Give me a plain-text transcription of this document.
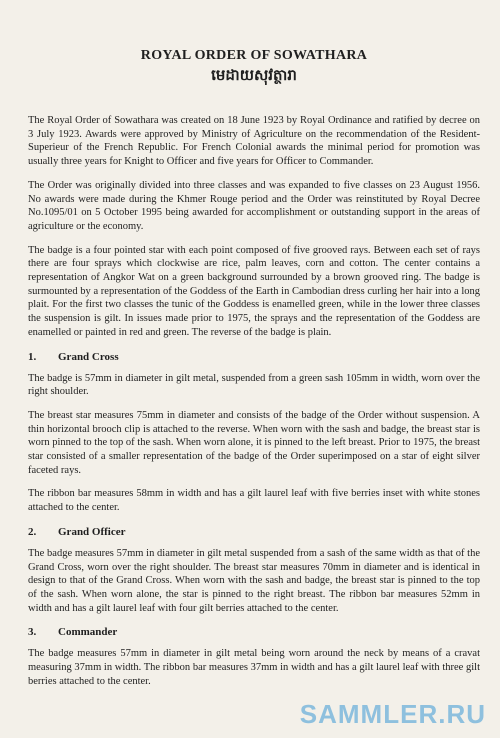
ROYAL ORDER OF SOWATHARA
មេដាយសុវត្ថារា

The Royal Order of Sowathara was created on 18 June 1923 by Royal Ordinance and ratified by decree on 3 July 1923. Awards were approved by Ministry of Agriculture on the recommendation of the Resident-Superieur of the French Republic. For French Colonial awards the minimal period for promotion was usually three years for Knight to Officer and five years for Officer to Commander.

The Order was originally divided into three classes and was expanded to five classes on 23 August 1956. No awards were made during the Khmer Rouge period and the Order was reinstituted by Royal Decree No.1095/01 on 5 October 1995 being awarded for accomplishment or outstanding support in the areas of agriculture or the economy.

The badge is a four pointed star with each point composed of five grooved rays. Between each set of rays there are four sprays which clockwise are rice, palm leaves, corn and cotton. The center contains a representation of Angkor Wat on a green background surrounded by a brown grooved ring. The badge is surmounted by a representation of the Goddess of the Earth in Cambodian dress curling her hair into a long plait. For the first two classes the tunic of the Goddess is enamelled green, while in the lower three classes the suspension is gilt. In issues made prior to 1975, the sprays and the representation of the Goddess are enamelled or painted in red and green. The reverse of the badge is plain.

1.	Grand Cross

The badge is 57mm in diameter in gilt metal, suspended from a green sash 105mm in width, worn over the right shoulder.

The breast star measures 75mm in diameter and consists of the badge of the Order without suspension. A thin horizontal brooch clip is attached to the reverse. When worn with the sash and badge, the breast star is worn pinned to the top of the sash. When worn alone, it is pinned to the left breast. Prior to 1975, the breast star consisted of a smaller representation of the badge of the Order superimposed on a star of eight silver faceted rays.

The ribbon bar measures 58mm in width and has a gilt laurel leaf with five berries inset with white stones attached to the center.

2.	Grand Officer

The badge measures 57mm in diameter in gilt metal suspended from a sash of the same width as that of the Grand Cross, worn over the right shoulder. The breast star measures 70mm in diameter and is identical in design to that of the Grand Cross. When worn with the sash and badge, the breast star is pinned to the top of the sash. When worn alone, the star is pinned to the right breast. The ribbon bar measures 52mm in width and has a gilt laurel leaf with four gilt berries attached to the center.

3.	Commander

The badge measures 57mm in diameter in gilt metal being worn around the neck by means of a cravat measuring 37mm in width. The ribbon bar measures 37mm in width and has a gilt laurel leaf with three gilt berries attached to the center.

SAMMLER.RU
